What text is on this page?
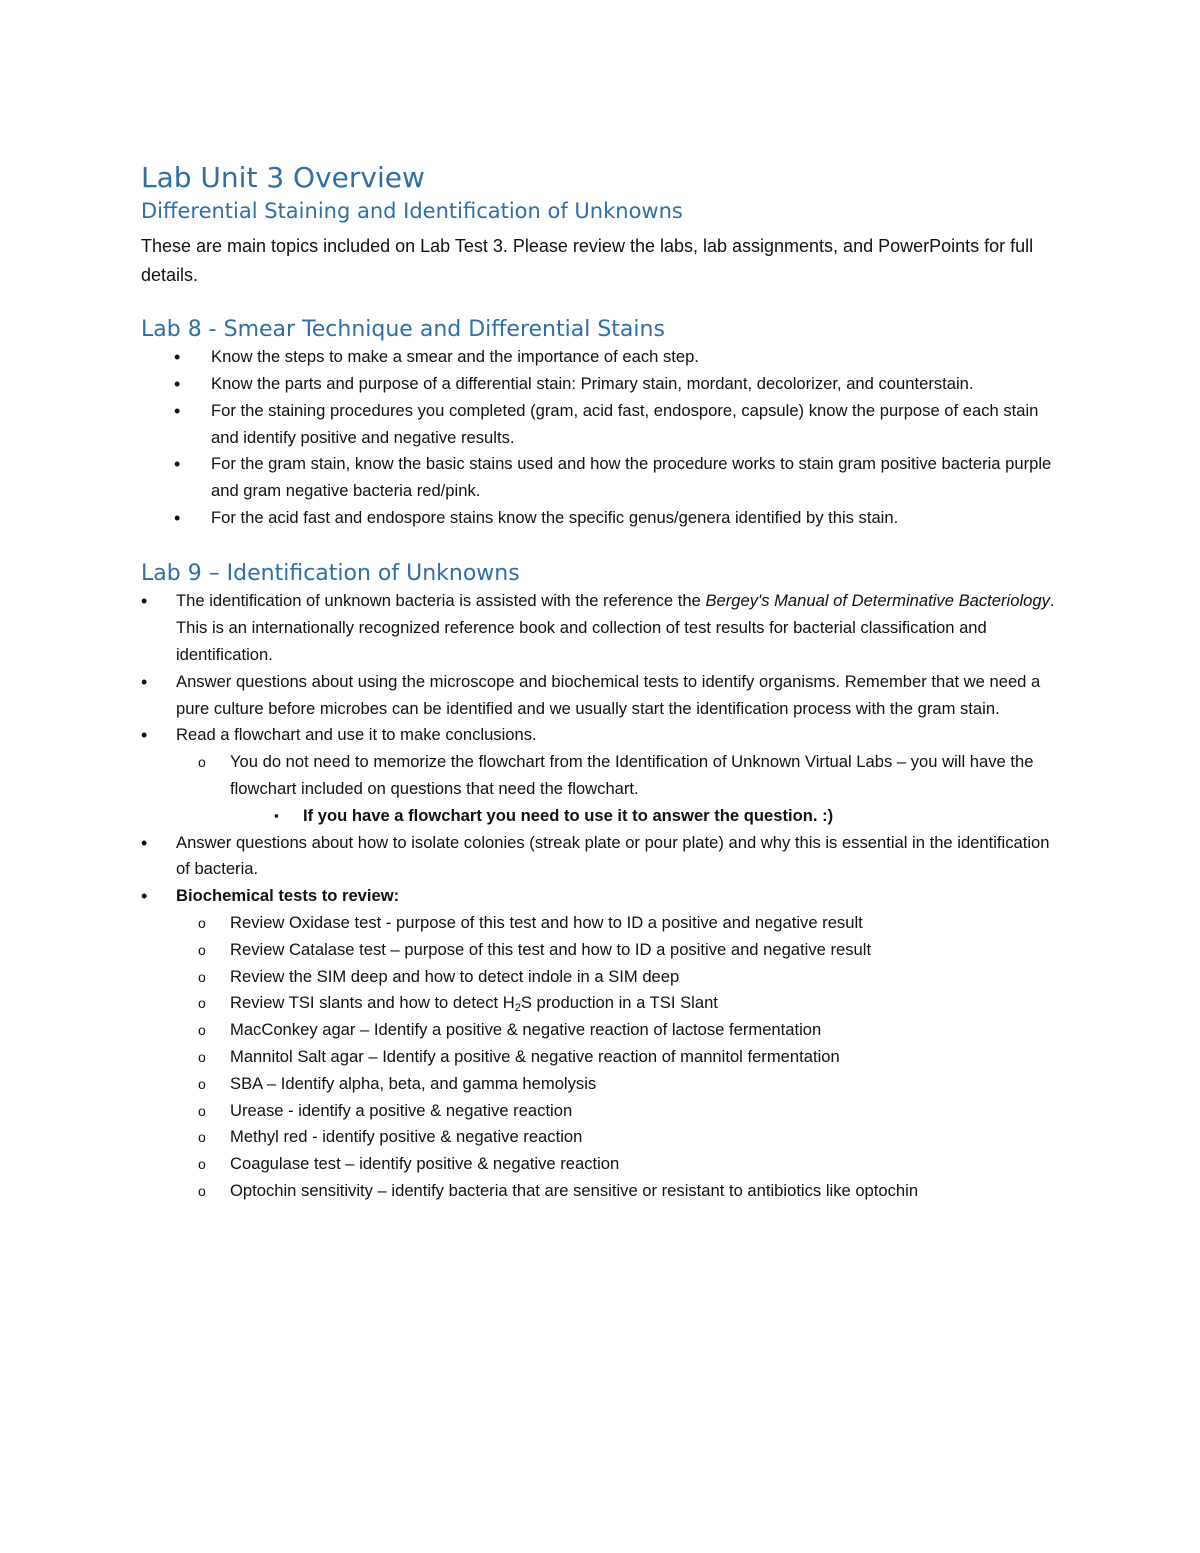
Lab Unit 3 Overview
Differential Staining and Identification of Unknowns

These are main topics included on Lab Test 3. Please review the labs, lab assignments, and PowerPoints for full details.

Lab 8 - Smear Technique and Differential Stains
• Know the steps to make a smear and the importance of each step.
• Know the parts and purpose of a differential stain: Primary stain, mordant, decolorizer, and counterstain.
• For the staining procedures you completed (gram, acid fast, endospore, capsule) know the purpose of each stain and identify positive and negative results.
• For the gram stain, know the basic stains used and how the procedure works to stain gram positive bacteria purple and gram negative bacteria red/pink.
• For the acid fast and endospore stains know the specific genus/genera identified by this stain.
Lab 9 – Identification of Unknowns
• The identification of unknown bacteria is assisted with the reference the Bergey's Manual of Determinative Bacteriology. This is an internationally recognized reference book and collection of test results for bacterial classification and identification.
• Answer questions about using the microscope and biochemical tests to identify organisms. Remember that we need a pure culture before microbes can be identified and we usually start the identification process with the gram stain.
• Read a flowchart and use it to make conclusions.
o You do not need to memorize the flowchart from the Identification of Unknown Virtual Labs – you will have the flowchart included on questions that need the flowchart.
▪ If you have a flowchart you need to use it to answer the question. :)
• Answer questions about how to isolate colonies (streak plate or pour plate) and why this is essential in the identification of bacteria.
• Biochemical tests to review:
o Review Oxidase test - purpose of this test and how to ID a positive and negative result
o Review Catalase test – purpose of this test and how to ID a positive and negative result
o Review the SIM deep and how to detect indole in a SIM deep
o Review TSI slants and how to detect $H_2S$ production in a TSI Slant
o MacConkey agar – Identify a positive & negative reaction of lactose fermentation
o Mannitol Salt agar – Identify a positive & negative reaction of mannitol fermentation
o SBA – Identify alpha, beta, and gamma hemolysis
o Urease - identify a positive & negative reaction
o Methyl red - identify positive & negative reaction
o Coagulase test – identify positive & negative reaction
o Optochin sensitivity – identify bacteria that are sensitive or resistant to antibiotics like optochin
